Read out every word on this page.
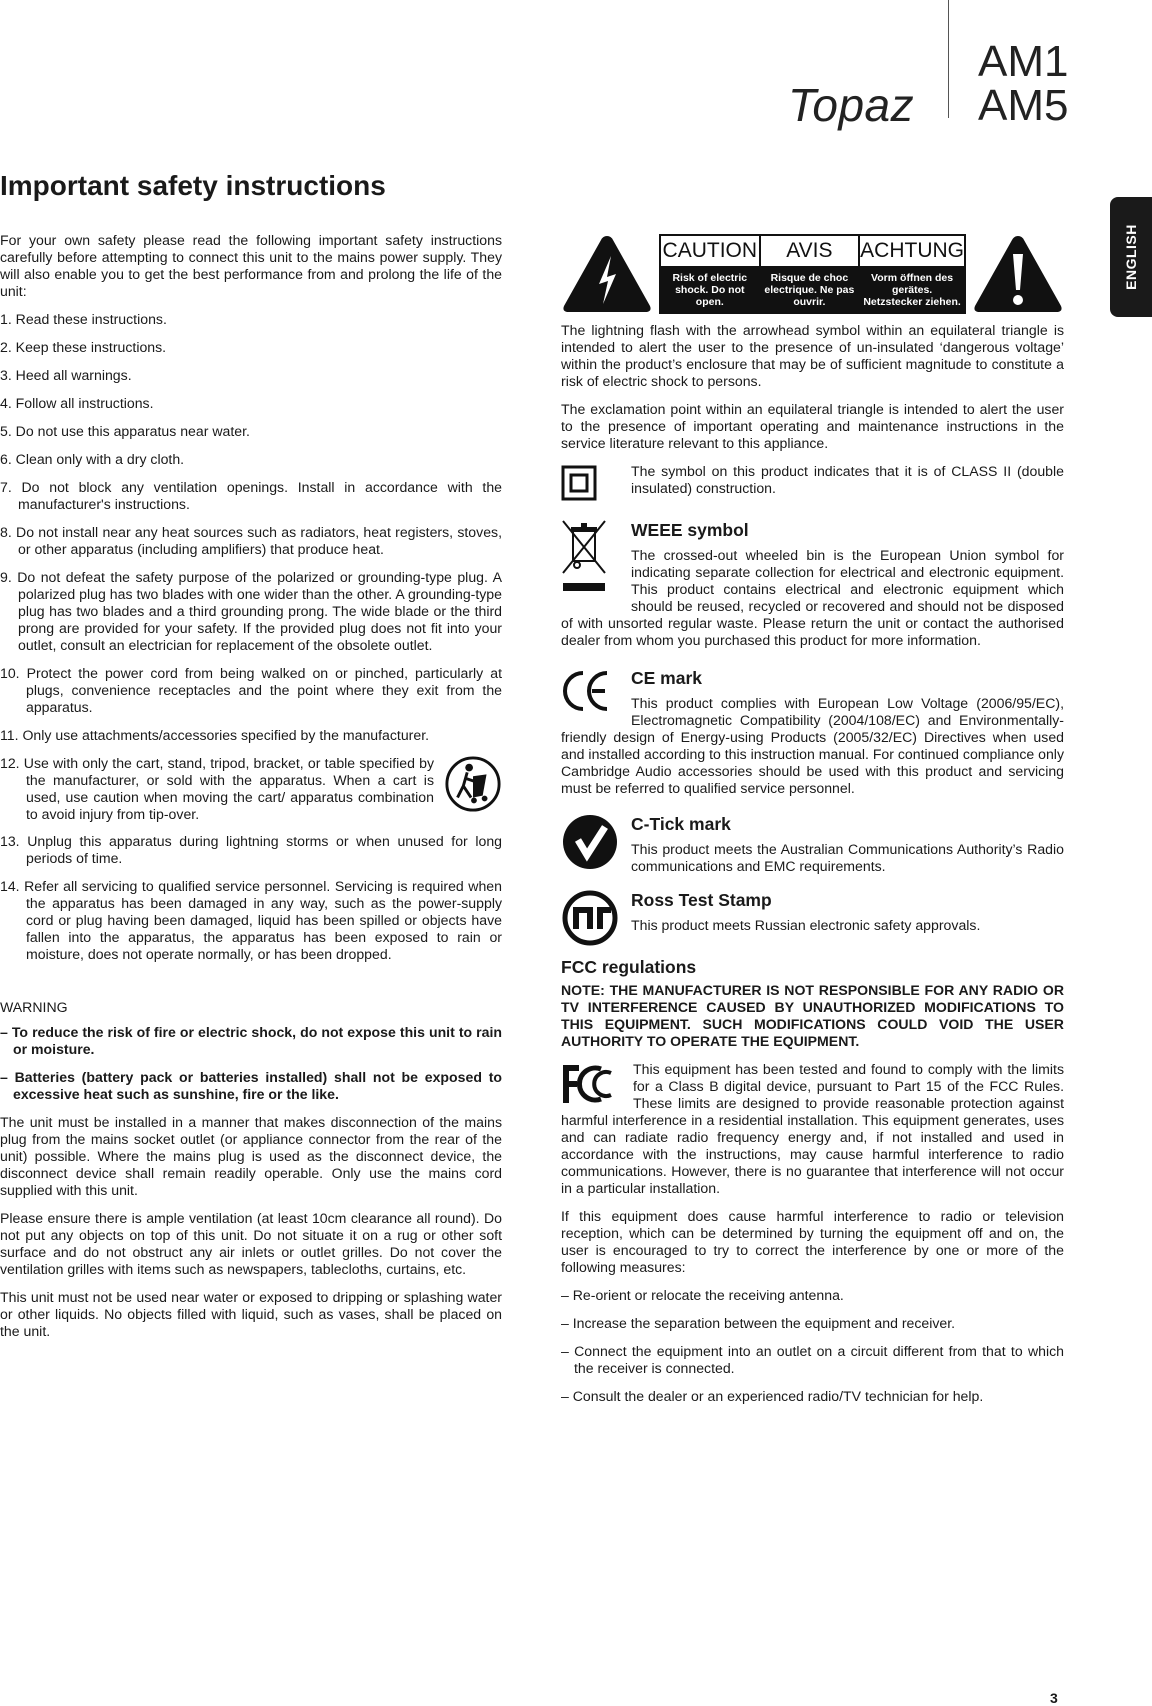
Topaz
AM1
AM5
ENGLISH
Important safety instructions

For your own safety please read the following important safety instructions carefully before attempting to connect this unit to the mains power supply. They will also enable you to get the best performance from and prolong the life of the unit:

1. Read these instructions.

2. Keep these instructions.

3. Heed all warnings.

4. Follow all instructions.

5. Do not use this apparatus near water.

6. Clean only with a dry cloth.

7. Do not block any ventilation openings. Install in accordance with the manufacturer's instructions.

8. Do not install near any heat sources such as radiators, heat registers, stoves, or other apparatus (including amplifiers) that produce heat.

9. Do not defeat the safety purpose of the polarized or grounding-type plug. A polarized plug has two blades with one wider than the other. A grounding-type plug has two blades and a third grounding prong. The wide blade or the third prong are provided for your safety. If the provided plug does not fit into your outlet, consult an electrician for replacement of the obsolete outlet.

10. Protect the power cord from being walked on or pinched, particularly at plugs, convenience receptacles and the point where they exit from the apparatus.

11. Only use attachments/accessories specified by the manufacturer.

12. Use with only the cart, stand, tripod, bracket, or table specified by the manufacturer, or sold with the apparatus. When a cart is used, use caution when moving the cart/ apparatus combination to avoid injury from tip-over.

13. Unplug this apparatus during lightning storms or when unused for long periods of time.

14. Refer all servicing to qualified service personnel. Servicing is required when the apparatus has been damaged in any way, such as the power-supply cord or plug having been damaged, liquid has been spilled or objects have fallen into the apparatus, the apparatus has been exposed to rain or moisture, does not operate normally, or has been dropped.

WARNING

– To reduce the risk of fire or electric shock, do not expose this unit to rain or moisture.

– Batteries (battery pack or batteries installed) shall not be exposed to excessive heat such as sunshine, fire or the like.

The unit must be installed in a manner that makes disconnection of the mains plug from the mains socket outlet (or appliance connector from the rear of the unit) possible. Where the mains plug is used as the disconnect device, the disconnect device shall remain readily operable. Only use the mains cord supplied with this unit.

Please ensure there is ample ventilation (at least 10cm clearance all round). Do not put any objects on top of this unit. Do not situate it on a rug or other soft surface and do not obstruct any air inlets or outlet grilles. Do not cover the ventilation grilles with items such as newspapers, tablecloths, curtains, etc.

This unit must not be used near water or exposed to dripping or splashing water or other liquids. No objects filled with liquid, such as vases, shall be placed on the unit.

CAUTION
Risk of electric shock. Do not open.
AVIS
Risque de choc electrique. Ne pas ouvrir.
ACHTUNG
Vorm öffnen des gerätes. Netzstecker ziehen.

The lightning flash with the arrowhead symbol within an equilateral triangle is intended to alert the user to the presence of un-insulated ‘dangerous voltage’ within the product’s enclosure that may be of sufficient magnitude to constitute a risk of electric shock to persons.

The exclamation point within an equilateral triangle is intended to alert the user to the presence of important operating and maintenance instructions in the service literature relevant to this appliance.

The symbol on this product indicates that it is of CLASS II (double insulated) construction.

WEEE symbol

The crossed-out wheeled bin is the European Union symbol for indicating separate collection for electrical and electronic equipment. This product contains electrical and electronic equipment which should be reused, recycled or recovered and should not be disposed of with unsorted regular waste. Please return the unit or contact the authorised dealer from whom you purchased this product for more information.

CE mark

This product complies with European Low Voltage (2006/95/EC), Electromagnetic Compatibility (2004/108/EC) and Environmentally-friendly design of Energy-using Products (2005/32/EC) Directives when used and installed according to this instruction manual. For continued compliance only Cambridge Audio accessories should be used with this product and servicing must be referred to qualified service personnel.

C-Tick mark

This product meets the Australian Communications Authority’s Radio communications and EMC requirements.

Ross Test Stamp

This product meets Russian electronic safety approvals.

FCC regulations

NOTE: THE MANUFACTURER IS NOT RESPONSIBLE FOR ANY RADIO OR TV INTERFERENCE CAUSED BY UNAUTHORIZED MODIFICATIONS TO THIS EQUIPMENT. SUCH MODIFICATIONS COULD VOID THE USER AUTHORITY TO OPERATE THE EQUIPMENT.

This equipment has been tested and found to comply with the limits for a Class B digital device, pursuant to Part 15 of the FCC Rules. These limits are designed to provide reasonable protection against harmful interference in a residential installation. This equipment generates, uses and can radiate radio frequency energy and, if not installed and used in accordance with the instructions, may cause harmful interference to radio communications. However, there is no guarantee that interference will not occur in a particular installation.

If this equipment does cause harmful interference to radio or television reception, which can be determined by turning the equipment off and on, the user is encouraged to try to correct the interference by one or more of the following measures:

– Re-orient or relocate the receiving antenna.

– Increase the separation between the equipment and receiver.

– Connect the equipment into an outlet on a circuit different from that to which the receiver is connected.

– Consult the dealer or an experienced radio/TV technician for help.

3
